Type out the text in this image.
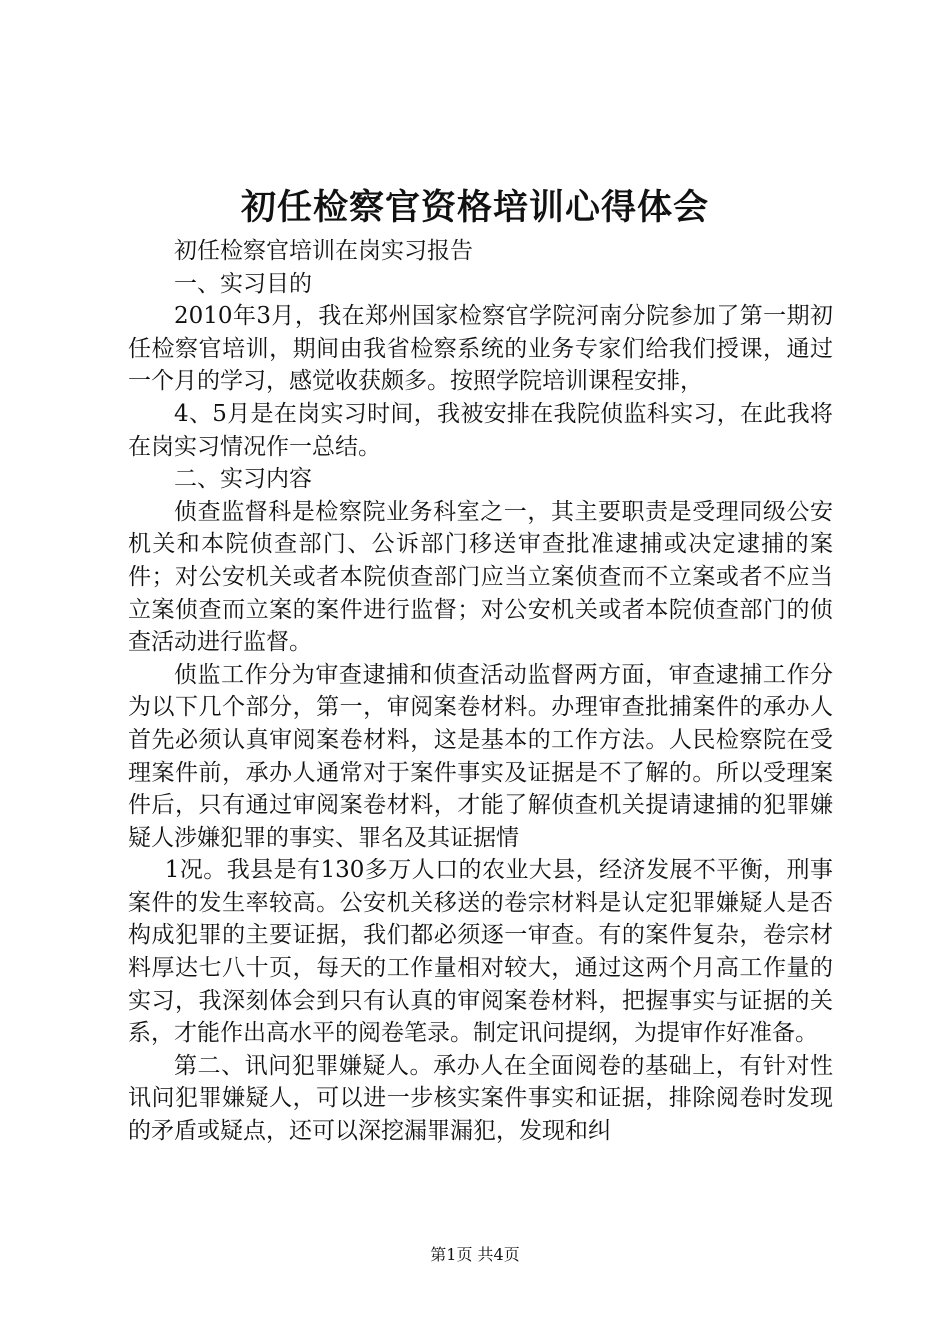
初任检察官资格培训心得体会

初任检察官培训在岗实习报告

一、实习目的

2010年3月，我在郑州国家检察官学院河南分院参加了第一期初任检察官培训，期间由我省检察系统的业务专家们给我们授课，通过一个月的学习，感觉收获颇多。按照学院培训课程安排，

4、5月是在岗实习时间，我被安排在我院侦监科实习，在此我将在岗实习情况作一总结。

二、实习内容

侦查监督科是检察院业务科室之一，其主要职责是受理同级公安机关和本院侦查部门、公诉部门移送审查批准逮捕或决定逮捕的案件；对公安机关或者本院侦查部门应当立案侦查而不立案或者不应当立案侦查而立案的案件进行监督；对公安机关或者本院侦查部门的侦查活动进行监督。

侦监工作分为审查逮捕和侦查活动监督两方面，审查逮捕工作分为以下几个部分，第一，审阅案卷材料。办理审查批捕案件的承办人首先必须认真审阅案卷材料，这是基本的工作方法。人民检察院在受理案件前，承办人通常对于案件事实及证据是不了解的。所以受理案件后，只有通过审阅案卷材料，才能了解侦查机关提请逮捕的犯罪嫌疑人涉嫌犯罪的事实、罪名及其证据情

1况。我县是有130多万人口的农业大县，经济发展不平衡，刑事案件的发生率较高。公安机关移送的卷宗材料是认定犯罪嫌疑人是否构成犯罪的主要证据，我们都必须逐一审查。有的案件复杂，卷宗材料厚达七八十页，每天的工作量相对较大，通过这两个月高工作量的实习，我深刻体会到只有认真的审阅案卷材料，把握事实与证据的关系，才能作出高水平的阅卷笔录。制定讯问提纲，为提审作好准备。

第二、讯问犯罪嫌疑人。承办人在全面阅卷的基础上，有针对性讯问犯罪嫌疑人，可以进一步核实案件事实和证据，排除阅卷时发现的矛盾或疑点，还可以深挖漏罪漏犯，发现和纠

第1页 共4页
